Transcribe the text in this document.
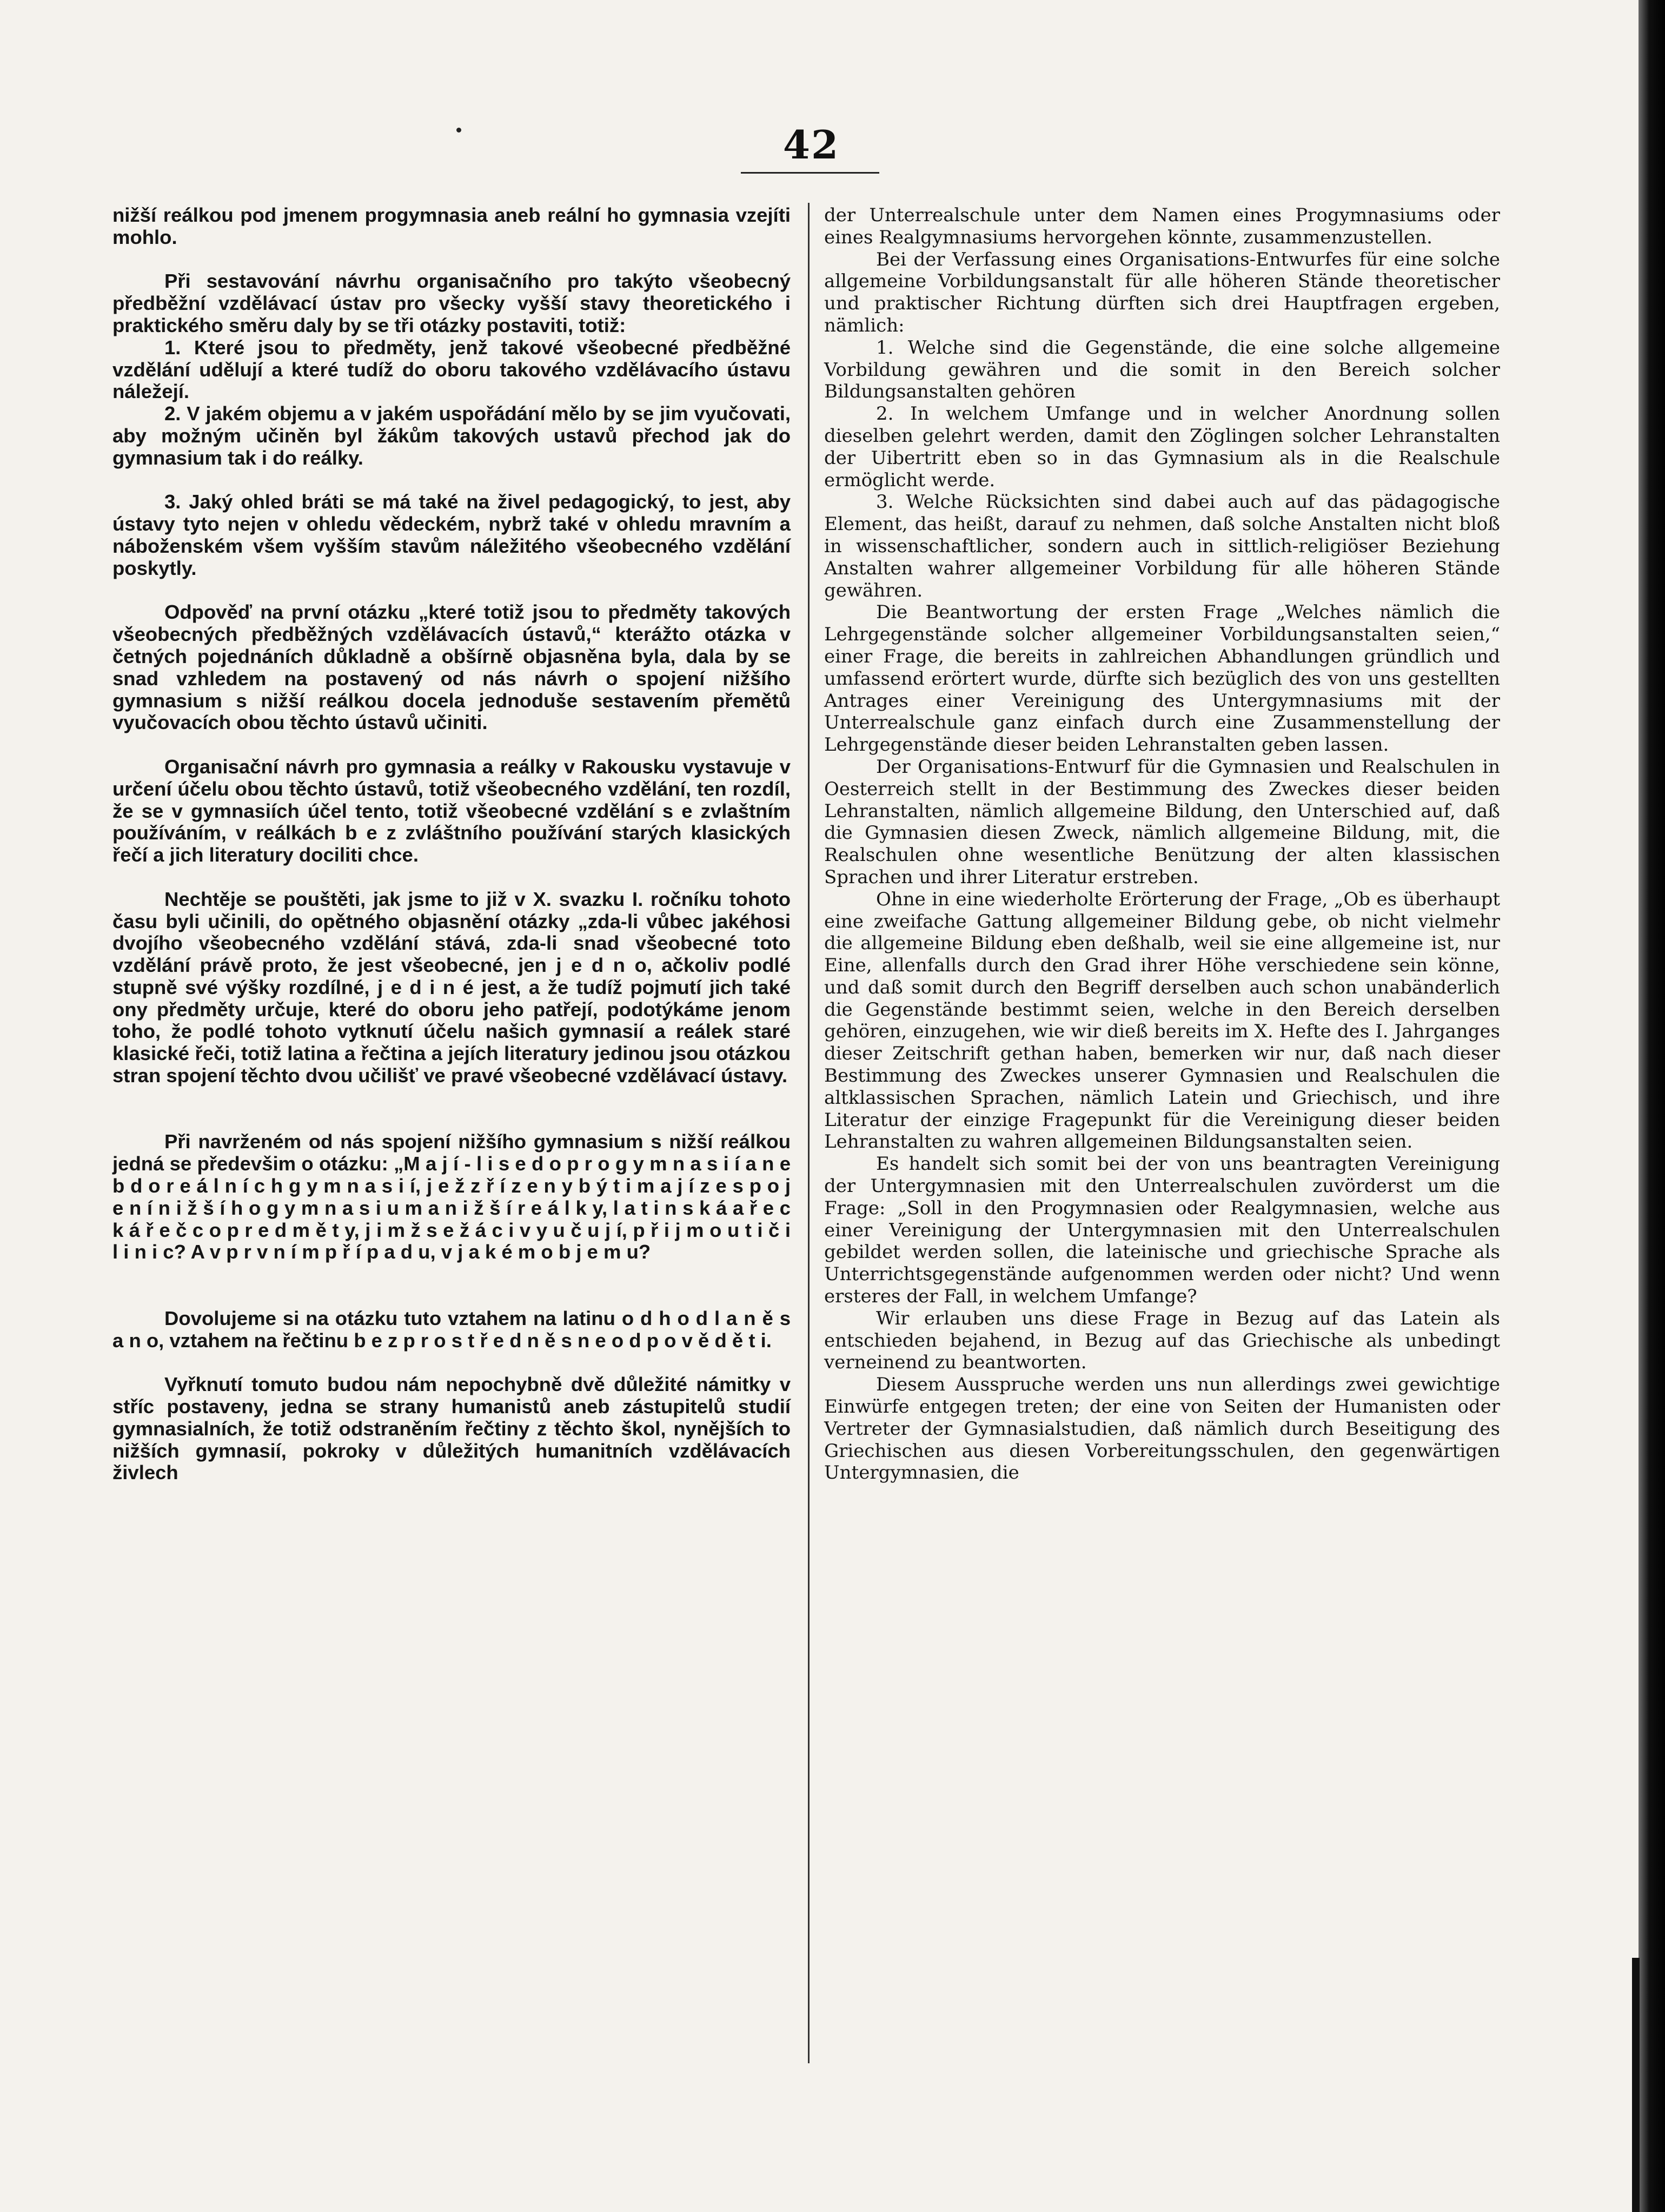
42

nižší reálkou pod jmenem progymnasia aneb reální ho gymnasia vzejíti mohlo.

Při sestavování návrhu organisačního pro takýto všeobecný předběžní vzdělávací ústav pro všecky vyšší stavy theoretického i praktického směru daly by se tři otázky postaviti, totiž:

1. Které jsou to předměty, jenž takové všeobecné předběžné vzdělání udělují a které tudíž do oboru takového vzdělávacího ústavu náležejí.

2. V jakém objemu a v jakém uspořádání mělo by se jim vyučovati, aby možným učiněn byl žákům takových ustavů přechod jak do gymnasium tak i do reálky.

3. Jaký ohled bráti se má také na živel pedagogický, to jest, aby ústavy tyto nejen v ohledu vědeckém, nybrž také v ohledu mravním a náboženském všem vyšším stavům náležitého všeobecného vzdělání poskytly.

Odpověď na první otázku „které totiž jsou to předměty takových všeobecných předběžných vzdělávacích ústavů,“ kterážto otázka v četných pojednáních důkladně a obšírně objasněna byla, dala by se snad vzhledem na postavený od nás návrh o spojení nižšího gymnasium s nižší reálkou docela jednoduše sestavením přemětů vyučovacích obou těchto ústavů učiniti.

Organisační návrh pro gymnasia a reálky v Rakousku vystavuje v určení účelu obou těchto ústavů, totiž všeobecného vzdělání, ten rozdíl, že se v gymnasiích účel tento, totiž všeobecné vzdělání s e zvlaštním používáním, v reálkách b e z zvláštního používání starých klasických řečí a jich literatury dociliti chce.

Nechtěje se pouštěti, jak jsme to již v X. svazku I. ročníku tohoto času byli učinili, do opětného objasnění otázky „zda-li vůbec jakéhosi dvojího všeobecného vzdělání stává, zda-li snad všeobecné toto vzdělání právě proto, že jest všeobecné, jen j e d n o, ačkoliv podlé stupně své výšky rozdílné, j e d i n é jest, a že tudíž pojmutí jich také ony předměty určuje, které do oboru jeho patřejí, podotýkáme jenom toho, že podlé tohoto vytknutí účelu našich gymnasií a reálek staré klasické řeči, totiž latina a řečtina a jejích literatury jedinou jsou otázkou stran spojení těchto dvou učilišť ve pravé všeobecné vzdělávací ústavy.

Při navrženém od nás spojení nižšího gymnasium s nižší reálkou jedná se předevšim o otázku: „M a j í - l i s e d o p r o g y m n a s i í a n e b d o r e á l n í c h g y m n a s i í, j e ž z ř í z e n y b ý t i m a j í z e s p o j e n í n i ž š í h o g y m n a s i u m a n i ž š í r e á l k y, l a t i n s k á a ř e c k á ř e č c o p r e d m ě t y, j i m ž s e ž á c i v y u č u j í, p ř i j m o u t i č i l i n i c? A v p r v n í m p ř í p a d u, v j a k é m o b j e m u?

Dovolujeme si na otázku tuto vztahem na latinu o d h o d l a n ě s a n o, vztahem na řečtinu b e z p r o s t ř e d n ě s n e o d p o v ě d ě t i.

Vyřknutí tomuto budou nám nepochybně dvě důležité námitky v stříc postaveny, jedna se strany humanistů aneb zástupitelů studií gymnasialních, že totiž odstraněním řečtiny z těchto škol, nynějších to nižších gymnasií, pokroky v důležitých humanitních vzdělávacích živlech

der Unterrealschule unter dem Namen eines Progymnasiums oder eines Realgymnasiums hervorgehen könnte, zusammenzustellen.

Bei der Verfassung eines Organisations-Entwurfes für eine solche allgemeine Vorbildungsanstalt für alle höheren Stände theoretischer und praktischer Richtung dürften sich drei Hauptfragen ergeben, nämlich:

1. Welche sind die Gegenstände, die eine solche allgemeine Vorbildung gewähren und die somit in den Bereich solcher Bildungsanstalten gehören

2. In welchem Umfange und in welcher Anordnung sollen dieselben gelehrt werden, damit den Zöglingen solcher Lehranstalten der Uibertritt eben so in das Gymnasium als in die Realschule ermöglicht werde.

3. Welche Rücksichten sind dabei auch auf das pädagogische Element, das heißt, darauf zu nehmen, daß solche Anstalten nicht bloß in wissenschaftlicher, sondern auch in sittlich-religiöser Beziehung Anstalten wahrer allgemeiner Vorbildung für alle höheren Stände gewähren.

Die Beantwortung der ersten Frage „Welches nämlich die Lehrgegenstände solcher allgemeiner Vorbildungsanstalten seien,“ einer Frage, die bereits in zahlreichen Abhandlungen gründlich und umfassend erörtert wurde, dürfte sich bezüglich des von uns gestellten Antrages einer Vereinigung des Untergymnasiums mit der Unterrealschule ganz einfach durch eine Zusammenstellung der Lehrgegenstände dieser beiden Lehranstalten geben lassen.

Der Organisations-Entwurf für die Gymnasien und Realschulen in Oesterreich stellt in der Bestimmung des Zweckes dieser beiden Lehranstalten, nämlich allgemeine Bildung, den Unterschied auf, daß die Gymnasien diesen Zweck, nämlich allgemeine Bildung, mit, die Realschulen ohne wesentliche Benützung der alten klassischen Sprachen und ihrer Literatur erstreben.

Ohne in eine wiederholte Erörterung der Frage, „Ob es überhaupt eine zweifache Gattung allgemeiner Bildung gebe, ob nicht vielmehr die allgemeine Bildung eben deßhalb, weil sie eine allgemeine ist, nur Eine, allenfalls durch den Grad ihrer Höhe verschiedene sein könne, und daß somit durch den Begriff derselben auch schon unabänderlich die Gegenstände bestimmt seien, welche in den Bereich derselben gehören, einzugehen, wie wir dieß bereits im X. Hefte des I. Jahrganges dieser Zeitschrift gethan haben, bemerken wir nur, daß nach dieser Bestimmung des Zweckes unserer Gymnasien und Realschulen die altklassischen Sprachen, nämlich Latein und Griechisch, und ihre Literatur der einzige Fragepunkt für die Vereinigung dieser beiden Lehranstalten zu wahren allgemeinen Bildungsanstalten seien.

Es handelt sich somit bei der von uns beantragten Vereinigung der Untergymnasien mit den Unterrealschulen zuvörderst um die Frage: „Soll in den Progymnasien oder Realgymnasien, welche aus einer Vereinigung der Untergymnasien mit den Unterrealschulen gebildet werden sollen, die lateinische und griechische Sprache als Unterrichtsgegenstände aufgenommen werden oder nicht? Und wenn ersteres der Fall, in welchem Umfange?

Wir erlauben uns diese Frage in Bezug auf das Latein als entschieden bejahend, in Bezug auf das Griechische als unbedingt verneinend zu beantworten.

Diesem Ausspruche werden uns nun allerdings zwei gewichtige Einwürfe entgegen treten; der eine von Seiten der Humanisten oder Vertreter der Gymnasialstudien, daß nämlich durch Beseitigung des Griechischen aus diesen Vorbereitungsschulen, den gegenwärtigen Untergymnasien, die
